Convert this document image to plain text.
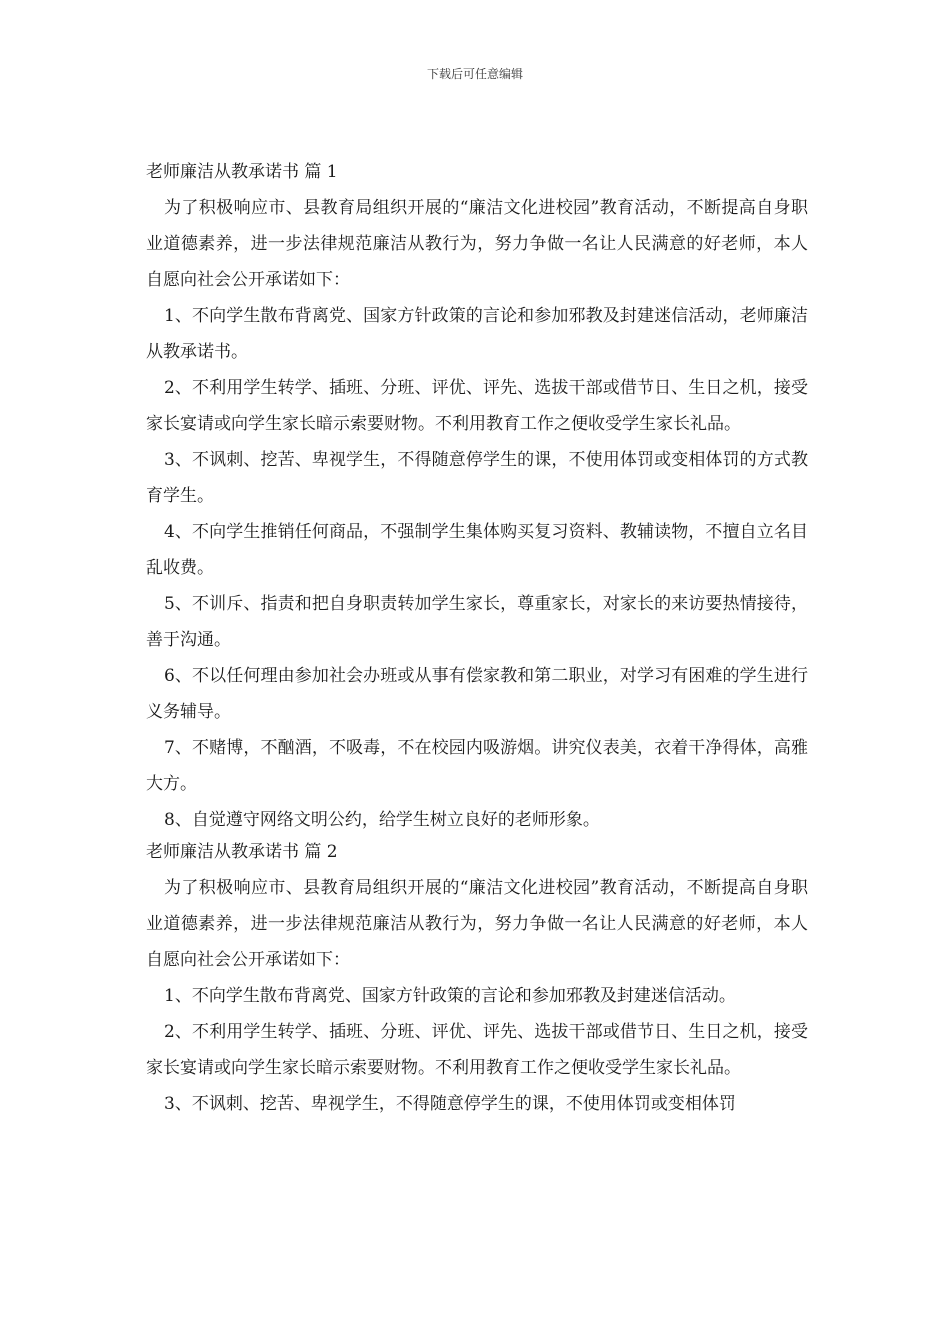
下载后可任意编辑
老师廉洁从教承诺书 篇 1

为了积极响应市、县教育局组织开展的“廉洁文化进校园”教育活动，不断提高自身职业道德素养，进一步法律规范廉洁从教行为，努力争做一名让人民满意的好老师，本人自愿向社会公开承诺如下：

1、不向学生散布背离党、国家方针政策的言论和参加邪教及封建迷信活动，老师廉洁从教承诺书。

2、不利用学生转学、插班、分班、评优、评先、选拔干部或借节日、生日之机，接受家长宴请或向学生家长暗示索要财物。不利用教育工作之便收受学生家长礼品。

3、不讽刺、挖苦、卑视学生，不得随意停学生的课，不使用体罚或变相体罚的方式教育学生。

4、不向学生推销任何商品，不强制学生集体购买复习资料、教辅读物，不擅自立名目乱收费。

5、不训斥、指责和把自身职责转加学生家长，尊重家长，对家长的来访要热情接待，善于沟通。

6、不以任何理由参加社会办班或从事有偿家教和第二职业，对学习有困难的学生进行义务辅导。

7、不赌博，不酗酒，不吸毒，不在校园内吸游烟。讲究仪表美，衣着干净得体，高雅大方。

8、自觉遵守网络文明公约，给学生树立良好的老师形象。

老师廉洁从教承诺书 篇 2

为了积极响应市、县教育局组织开展的“廉洁文化进校园”教育活动，不断提高自身职业道德素养，进一步法律规范廉洁从教行为，努力争做一名让人民满意的好老师，本人自愿向社会公开承诺如下：

1、不向学生散布背离党、国家方针政策的言论和参加邪教及封建迷信活动。

2、不利用学生转学、插班、分班、评优、评先、选拔干部或借节日、生日之机，接受家长宴请或向学生家长暗示索要财物。不利用教育工作之便收受学生家长礼品。

3、不讽刺、挖苦、卑视学生，不得随意停学生的课，不使用体罚或变相体罚
